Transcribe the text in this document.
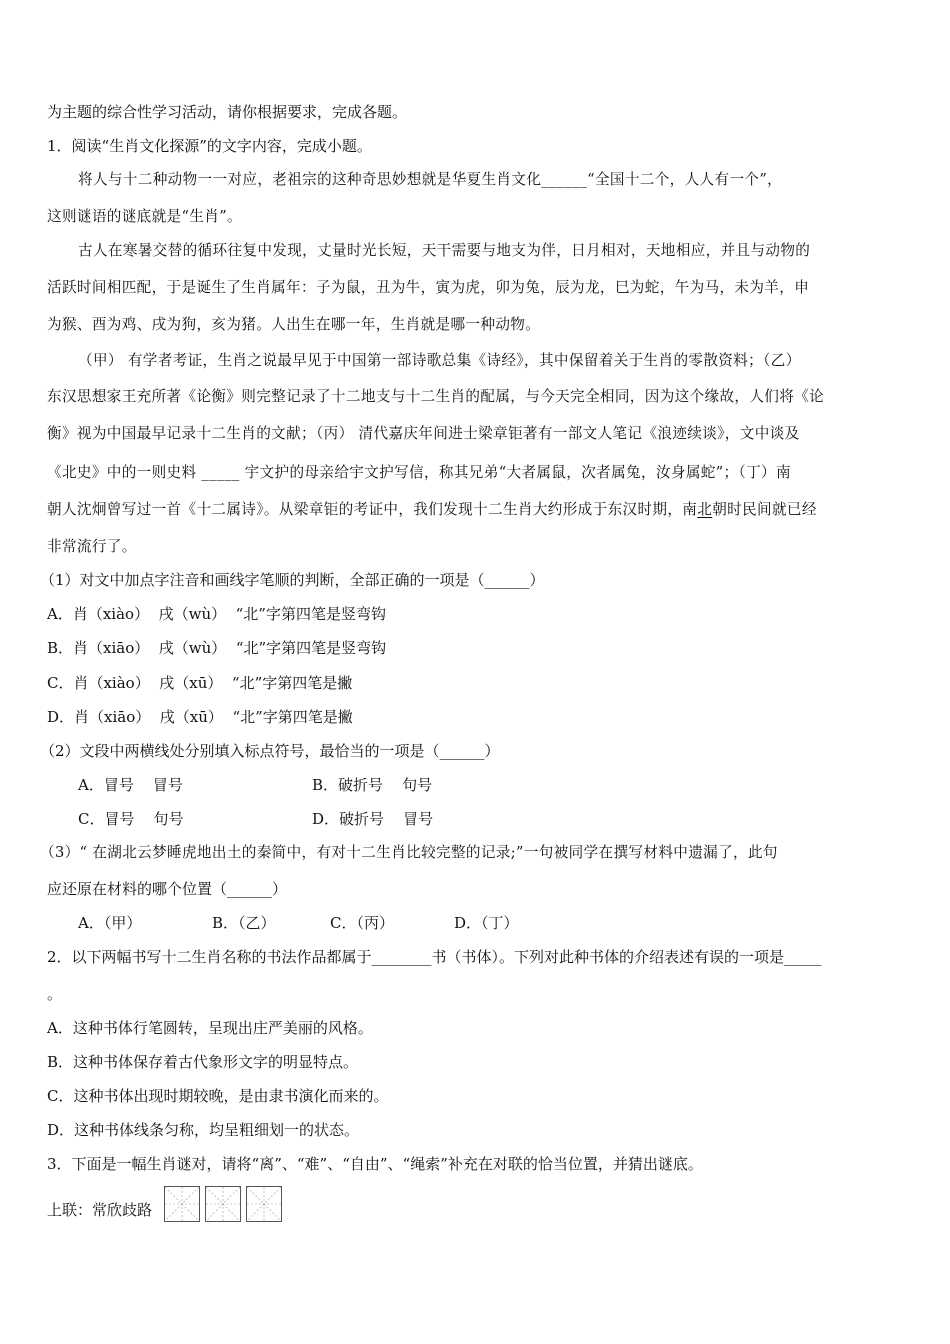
为主题的综合性学习活动，请你根据要求，完成各题。
1．阅读“生肖文化探源”的文字内容，完成小题。
将人与十二种动物一一对应，老祖宗的这种奇思妙想就是华夏生肖文化______“全国十二个，人人有一个”，
这则谜语的谜底就是“生肖”。
古人在寒暑交替的循环往复中发现，丈量时光长短，天干需要与地支为伴，日月相对，天地相应，并且与动物的
活跃时间相匹配，于是诞生了生肖属年：子为鼠，丑为牛，寅为虎，卯为兔，辰为龙，巳为蛇，午为马，未为羊，申
为猴、酉为鸡、戌为狗，亥为猪。人出生在哪一年，生肖就是哪一种动物。
（甲） 有学者考证，生肖之说最早见于中国第一部诗歌总集《诗经》，其中保留着关于生肖的零散资料；（乙）
东汉思想家王充所著《论衡》则完整记录了十二地支与十二生肖的配属，与今天完全相同，因为这个缘故，人们将《论
衡》视为中国最早记录十二生肖的文献；（丙） 清代嘉庆年间进士梁章钜著有一部文人笔记《浪迹续谈》，文中谈及
《北史》中的一则史料 _____ 宇文护的母亲给宇文护写信，称其兄弟“大者属鼠，次者属兔，汝身属蛇”；（丁）南
朝人沈炯曾写过一首《十二属诗》。从梁章钜的考证中，我们发现十二生肖大约形成于东汉时期，南北朝时民间就已经
非常流行了。
（1）对文中加点字注音和画线字笔顺的判断，全部正确的一项是（______）
A．肖（xiào）  戌（wù）  “北”字第四笔是竖弯钩
B．肖（xiāo）  戌（wù）  “北”字第四笔是竖弯钩
C．肖（xiào）  戌（xū）  “北”字第四笔是撇
D．肖（xiāo）  戌（xū）  “北”字第四笔是撇
（2）文段中两横线处分别填入标点符号，最恰当的一项是（______）
A．冒号    冒号	B．破折号    句号
C．冒号    句号	D．破折号    冒号
（3）“ 在湖北云梦睡虎地出土的秦简中，有对十二生肖比较完整的记录;”一句被同学在撰写材料中遗漏了，此句
应还原在材料的哪个位置（______）
A．（甲）	B．（乙）	C．（丙）	D．（丁）
2．以下两幅书写十二生肖名称的书法作品都属于________书（书体）。下列对此种书体的介绍表述有误的一项是_____
。
A．这种书体行笔圆转，呈现出庄严美丽的风格。
B．这种书体保存着古代象形文字的明显特点。
C．这种书体出现时期较晚，是由隶书演化而来的。
D．这种书体线条匀称，均呈粗细划一的状态。
3．下面是一幅生肖谜对，请将“离”、“难”、“自由”、“绳索”补充在对联的恰当位置，并猜出谜底。
上联：常欣歧路
